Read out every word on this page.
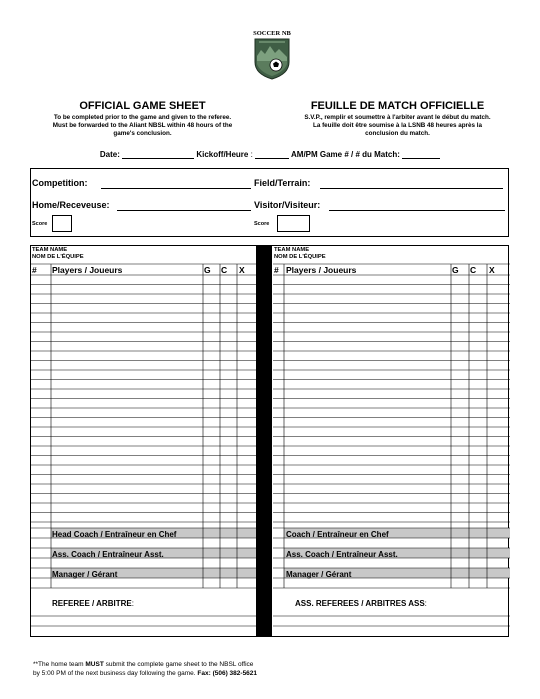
SOCCER NB
OFFICIAL GAME SHEET
To be completed prior to the game and given to the referee.
Must be forwarded to the Aliant NBSL within 48 hours of the
game's conclusion.
FEUILLE DE MATCH OFFICIELLE
S.V.P., remplir et soumettre à l'arbiter avant le début du match.
La feuille doit être soumise à la LSNB 48 heures après la
conclusion du match.
Date:	Kickoff/Heure :	AM/PM Game # / # du Match:
Competition:	Field/Terrain:
Home/Receveuse:	Visitor/Visiteur:
Score	Score
TEAM NAME
NOM DE L'ÉQUIPE
# Players / Joueurs	G C X
TEAM NAME
NOM DE L'ÉQUIPE
# Players / Joueurs	G C X
Head Coach / Entraîneur en Chef	Coach / Entraîneur en Chef
Ass. Coach / Entraîneur Asst.	Ass. Coach / Entraîneur Asst.
Manager / Gérant	Manager / Gérant
REFEREE / ARBITRE:	ASS. REFEREES / ARBITRES ASS:
**The home team MUST submit the complete game sheet to the NBSL office
by 5:00 PM of the next business day following the game. Fax: (506) 382-5621
